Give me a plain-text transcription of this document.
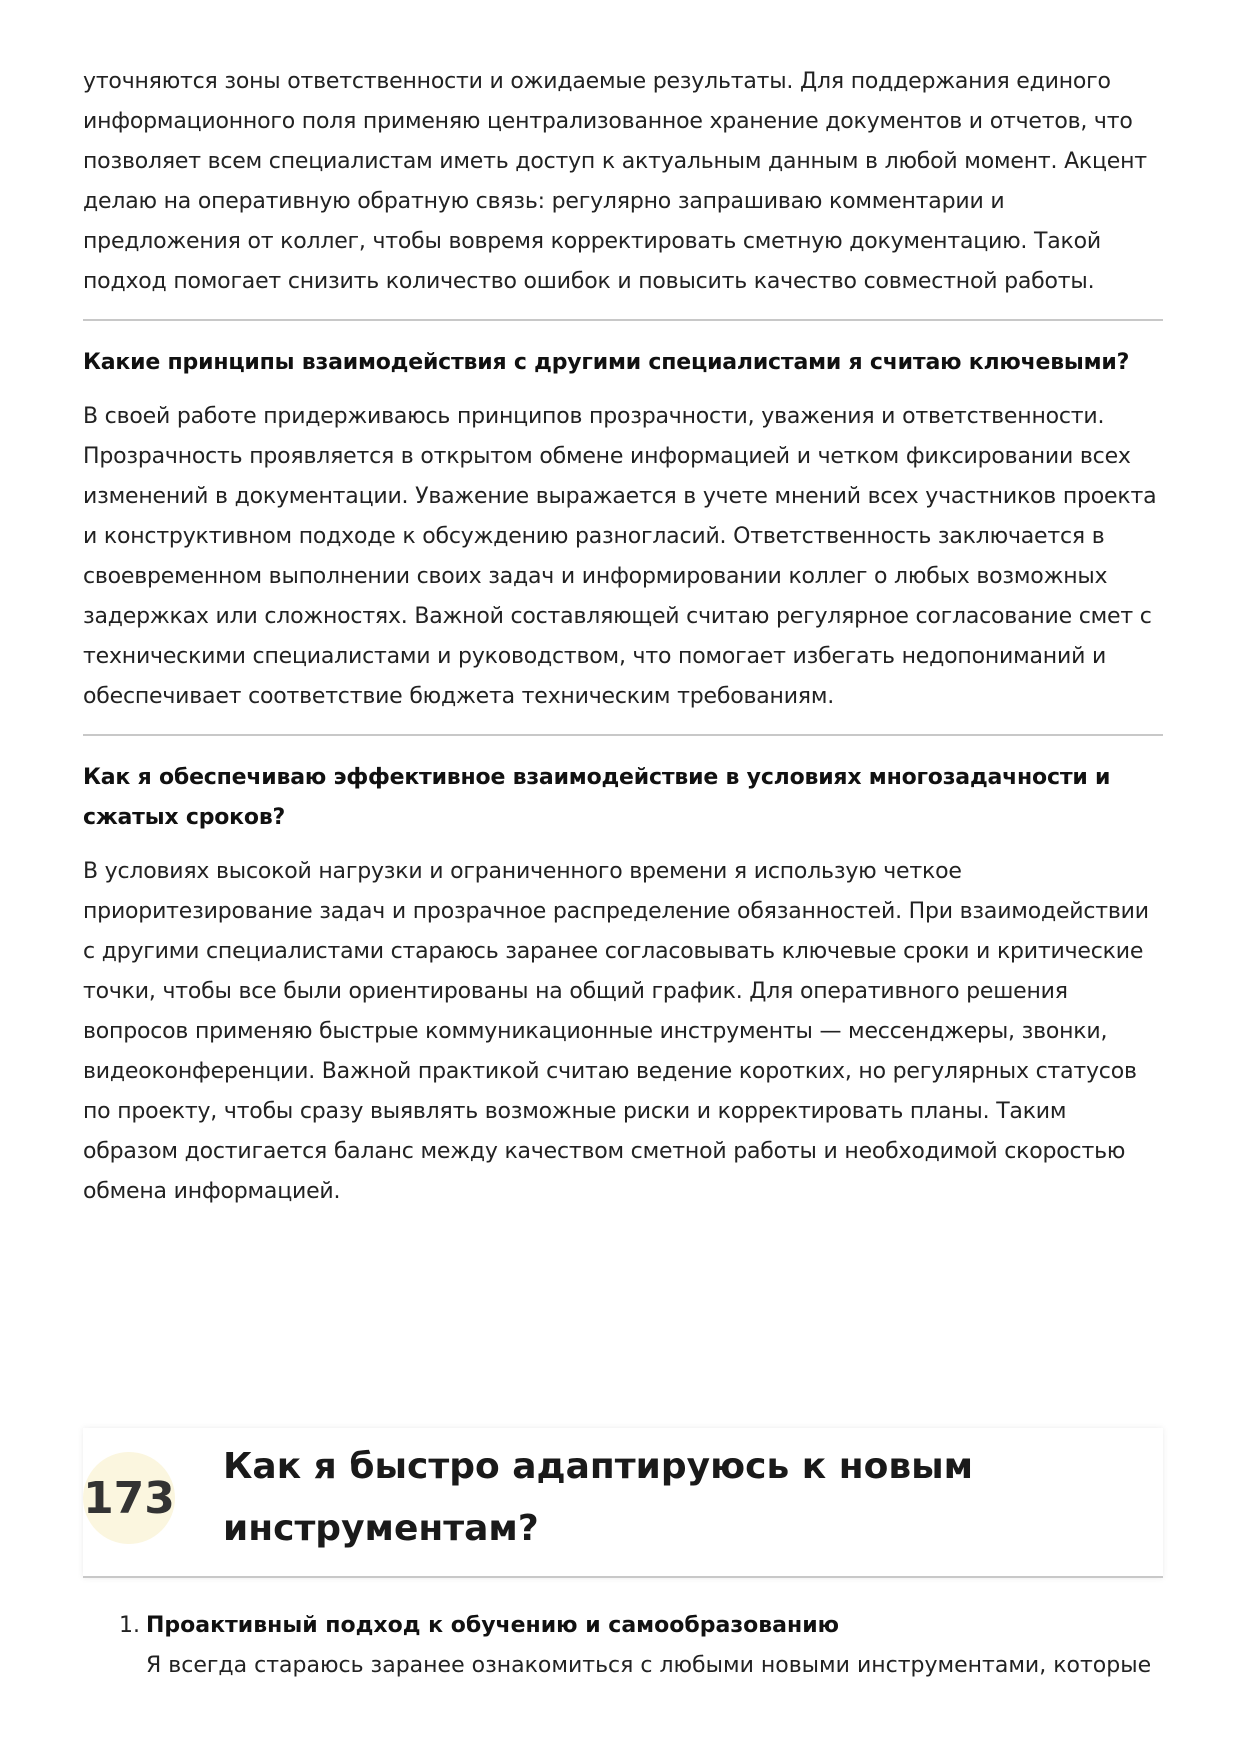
уточняются зоны ответственности и ожидаемые результаты. Для поддержания единого информационного поля применяю централизованное хранение документов и отчетов, что позволяет всем специалистам иметь доступ к актуальным данным в любой момент. Акцент делаю на оперативную обратную связь: регулярно запрашиваю комментарии и предложения от коллег, чтобы вовремя корректировать сметную документацию. Такой подход помогает снизить количество ошибок и повысить качество совместной работы.

Какие принципы взаимодействия с другими специалистами я считаю ключевыми?

В своей работе придерживаюсь принципов прозрачности, уважения и ответственности. Прозрачность проявляется в открытом обмене информацией и четком фиксировании всех изменений в документации. Уважение выражается в учете мнений всех участников проекта и конструктивном подходе к обсуждению разногласий. Ответственность заключается в своевременном выполнении своих задач и информировании коллег о любых возможных задержках или сложностях. Важной составляющей считаю регулярное согласование смет с техническими специалистами и руководством, что помогает избегать недопониманий и обеспечивает соответствие бюджета техническим требованиям.

Как я обеспечиваю эффективное взаимодействие в условиях многозадачности и сжатых сроков?

В условиях высокой нагрузки и ограниченного времени я использую четкое приоритезирование задач и прозрачное распределение обязанностей. При взаимодействии с другими специалистами стараюсь заранее согласовывать ключевые сроки и критические точки, чтобы все были ориентированы на общий график. Для оперативного решения вопросов применяю быстрые коммуникационные инструменты — мессенджеры, звонки, видеоконференции. Важной практикой считаю ведение коротких, но регулярных статусов по проекту, чтобы сразу выявлять возможные риски и корректировать планы. Таким образом достигается баланс между качеством сметной работы и необходимой скоростью обмена информацией.

173
Как я быстро адаптируюсь к новым инструментам?
1. Проактивный подход к обучению и самообразованию

Я всегда стараюсь заранее ознакомиться с любыми новыми инструментами, которые
